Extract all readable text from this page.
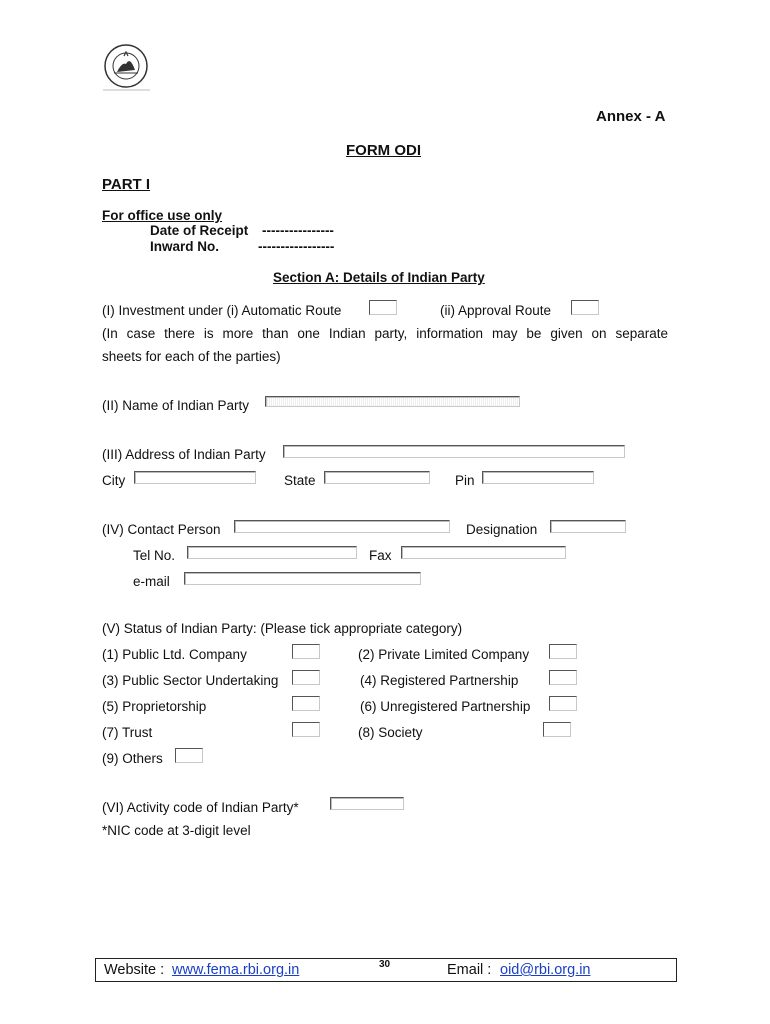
Annex - A
FORM ODI
PART I
For office use only
Date of Receipt ----------------
Inward No.	-----------------
Section A: Details of Indian Party
(I) Investment under (i) Automatic Route	(ii) Approval Route
(In case there is more than one Indian party, information may be given on separate
sheets for each of the parties)
(II) Name of Indian Party
(III) Address of Indian Party
City	State	Pin
(IV) Contact Person	Designation
Tel No.	Fax
e-mail
(V) Status of Indian Party: (Please tick appropriate category)
(1) Public Ltd. Company	(2) Private Limited Company
(3) Public Sector Undertaking	(4) Registered Partnership
(5) Proprietorship	(6) Unregistered Partnership
(7) Trust	(8) Society
(9) Others
(VI) Activity code of Indian Party*
*NIC code at 3-digit level
Website : www.fema.rbi.org.in	30	Email : oid@rbi.org.in
